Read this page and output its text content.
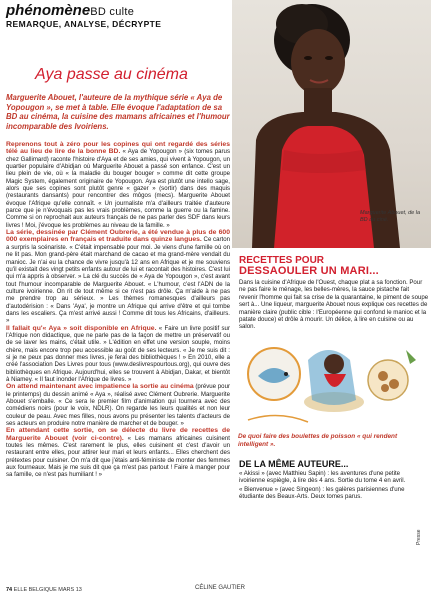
phénomèneBD culte
REMARQUE, ANALYSE, DÉCRYPTE
Marguerite Abouet, de la BD au ciné.
Aya passe au cinéma
Marguerite Abouet, l'auteure de la mythique série « Aya de Yopougon », se met à table. Elle évoque l'adaptation de sa BD au cinéma, la cuisine des mamans africaines et l'humour incomparable des Ivoiriens.

Reprenons tout à zéro pour les copines qui ont regardé des séries télé au lieu de lire de la bonne BD. « Aya de Yopougon » (six tomes parus chez Gallimard) raconte l'histoire d'Aya et de ses amies, qui vivent à Yopougon, un quartier populaire d'Abidjan où Marguerite Abouet a passé son enfance. C'est un lieu plein de vie, où « la maladie du bouger bouger » comme dit cette groupe Magic System, également originaire de Yopougon. Aya est plutôt une intello sage, alors que ses copines sont plutôt genre « gazer » (sortir) dans des maquis (restaurants dansants) pour rencontrer des môgos (mecs). Marguerite Abouet évoque l'Afrique qu'elle connaît. « Un journaliste m'a d'ailleurs traitée d'auteure parce que je n'évoquais pas les vrais problèmes, comme la guerre ou la famine. Comme si on reprochait aux auteurs français de ne pas parler des SDF dans leurs livres ! Moi, j'évoque les problèmes au niveau de la famille. »

La série, dessinée par Clément Oubrerie, a été vendue à plus de 600 000 exemplaires en français et traduite dans quinze langues. Ce carton a surpris la scénariste. « C'était impensable pour moi. Je viens d'une famille où on ne lit pas. Mon grand-père était marchand de cacao et ma grand-mère vendait du manioc. Je n'ai eu la chance de vivre jusqu'à 12 ans en Afrique et je me souviens qu'il existait des vingt petits enfants autour de lui et racontait des histoires. C'est lui qui m'a appris à observer. » La clé du succès de « Aya de Yopougon », c'est avant tout l'humour incomparable de Marguerite Abouet. « L'humour, c'est l'ADN de la culture ivoirienne. On rit de tout même si ce n'est pas drôle. Ça m'aide à ne pas me prendre trop au sérieux. » Les thèmes romanesques d'ailleurs pas d'autodérision : « Dans 'Aya', je montre un Afrique qui arrive d'être et qui tombe dans les escaliers. Ça m'est arrivé aussi ! Comme dit tous les Africains, d'ailleurs. »

Il fallait qu'« Aya » soit disponible en Afrique. « Faire un livre positif sur l'Afrique non didactique, que ne parle pas de la façon de mettre un préservatif ou de se laver les mains, c'était utile. » L'édition en effet une version souple, moins chère, mais encore trop peu accessible au goût de ses lecteurs. « Je me suis dit : si je ne peux pas donner mes livres, je ferai des bibliothèques ! » En 2010, elle a créé l'association Des Livres pour tous (www.deslivrespourtous.org), qui ouvre des bibliothèques en Afrique. Aujourd'hui, elles se trouvent à Abidjan, Dakar, et bientôt à Niamey. « Il faut inonder l'Afrique de livres. »

On attend maintenant avec impatience la sortie au cinéma (prévue pour le printemps) du dessin animé « Aya », réalisé avec Clément Oubrerie. Marguerite Abouet s'emballe. « Ce sera le premier film d'animation qui tournera avec des comédiens noirs (pour le voix, NDLR). On regarde les leurs qualités et non leur couleur de peau. Avec mes filles, nous avons pu présenter les talents d'acteurs de ses acteurs en produire notre manière de marcher et de bouger. »

En attendant cette sortie, on se délecte du livre de recettes de Marguerite Abouet (voir ci-contre). « Les mamans africaines cuisinent toutes les mêmes. C'est rarement le plus, elles cuisinent et c'est d'avoir un restaurant entre elles, pour attirer leur mari et leurs enfants... Elles cherchent des prétextes pour cuisiner. On m'a dit que j'étais anti-féministe de monter des femmes aux fourneaux. Mais je me suis dit que ça m'est pas partout ! Faire à manger pour sa famille, ce n'est pas humiliant ! »

RECETTES POUR
DESSAOULER UN MARI...
Dans la cuisine d'Afrique de l'Ouest, chaque plat a sa fonction. Pour ne pas faire le ménage, les belles-mères, la sauce pistache fait revenir l'homme qui fait sa crise de la quarantaine, le piment de soupe sert à... Une liqueur, marguerite Abouet nous explique ces recettes de manière claire (public cible : l'Européenne qui confond le manioc et la patate douce) et drôle à mourir. Un délice, à lire en cuisine ou au salon.
De quoi faire des boulettes de poisson « qui rendent intelligent ».
DE LA MÊME AUTEURE...
« Akissi » (avec Matthieu Sapin) : les aventures d'une petite ivoirienne espiègle, à lire dès 4 ans. Sortie du tome 4 en avril.
« Bienvenue » (avec Singeon) : les galères parisiennes d'une étudiante des Beaux-Arts. Deux tomes parus.
Presse
CÉLINE GAUTIER
74 ELLE BELGIQUE MARS 13
